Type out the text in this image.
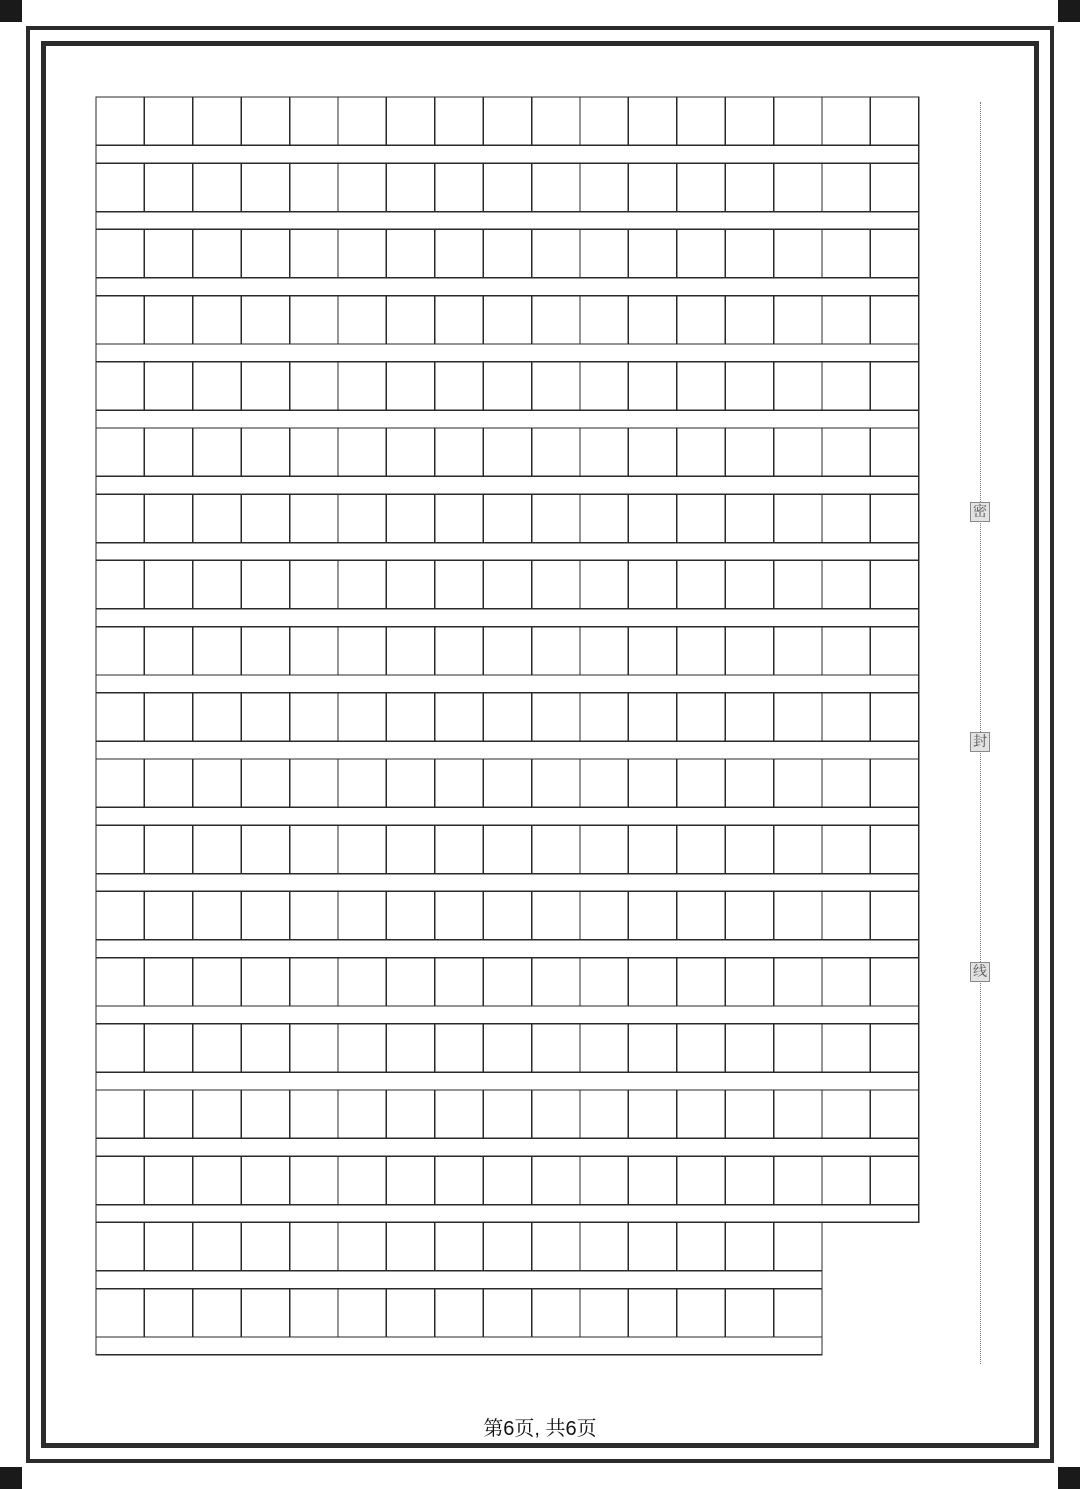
密
封
线
第6页, 共6页
